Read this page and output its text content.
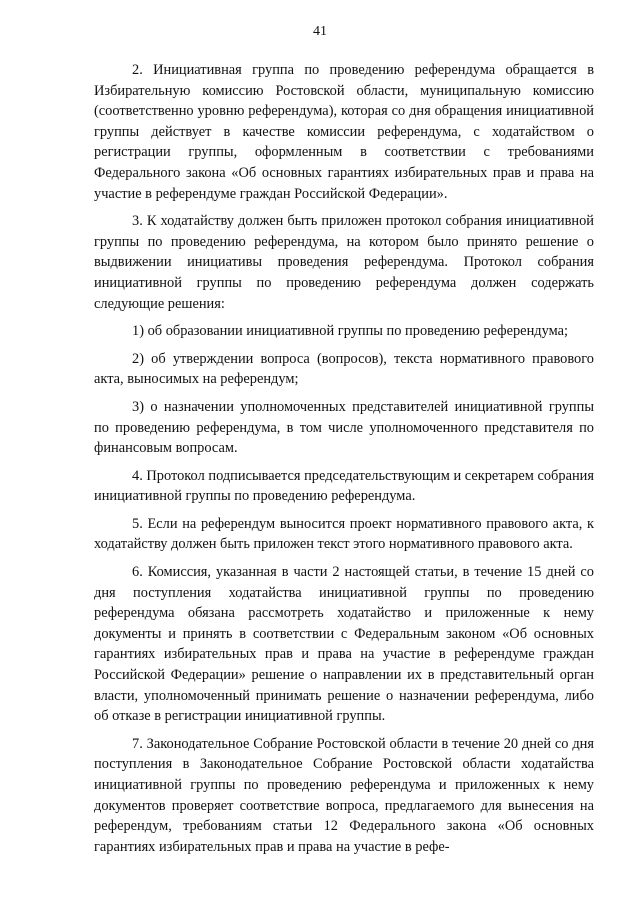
41

2. Инициативная группа по проведению референдума обращается в Избирательную комиссию Ростовской области, муниципальную комиссию (соответственно уровню референдума), которая со дня обращения инициативной группы действует в качестве комиссии референдума, с ходатайством о регистрации группы, оформленным в соответствии с требованиями Федерального закона «Об основных гарантиях избирательных прав и права на участие в референдуме граждан Российской Федерации».

3. К ходатайству должен быть приложен протокол собрания инициативной группы по проведению референдума, на котором было принято решение о выдвижении инициативы проведения референдума. Протокол собрания инициативной группы по проведению референдума должен содержать следующие решения:

1) об образовании инициативной группы по проведению референдума;

2) об утверждении вопроса (вопросов), текста нормативного правового акта, выносимых на референдум;

3) о назначении уполномоченных представителей инициативной группы по проведению референдума, в том числе уполномоченного представителя по финансовым вопросам.

4. Протокол подписывается председательствующим и секретарем собрания инициативной группы по проведению референдума.

5. Если на референдум выносится проект нормативного правового акта, к ходатайству должен быть приложен текст этого нормативного правового акта.

6. Комиссия, указанная в части 2 настоящей статьи, в течение 15 дней со дня поступления ходатайства инициативной группы по проведению референдума обязана рассмотреть ходатайство и приложенные к нему документы и принять в соответствии с Федеральным законом «Об основных гарантиях избирательных прав и права на участие в референдуме граждан Российской Федерации» решение о направлении их в представительный орган власти, уполномоченный принимать решение о назначении референдума, либо об отказе в регистрации инициативной группы.

7. Законодательное Собрание Ростовской области в течение 20 дней со дня поступления в Законодательное Собрание Ростовской области ходатайства инициативной группы по проведению референдума и приложенных к нему документов проверяет соответствие вопроса, предлагаемого для вынесения на референдум, требованиям статьи 12 Федерального закона «Об основных гарантиях избирательных прав и права на участие в рефе-
